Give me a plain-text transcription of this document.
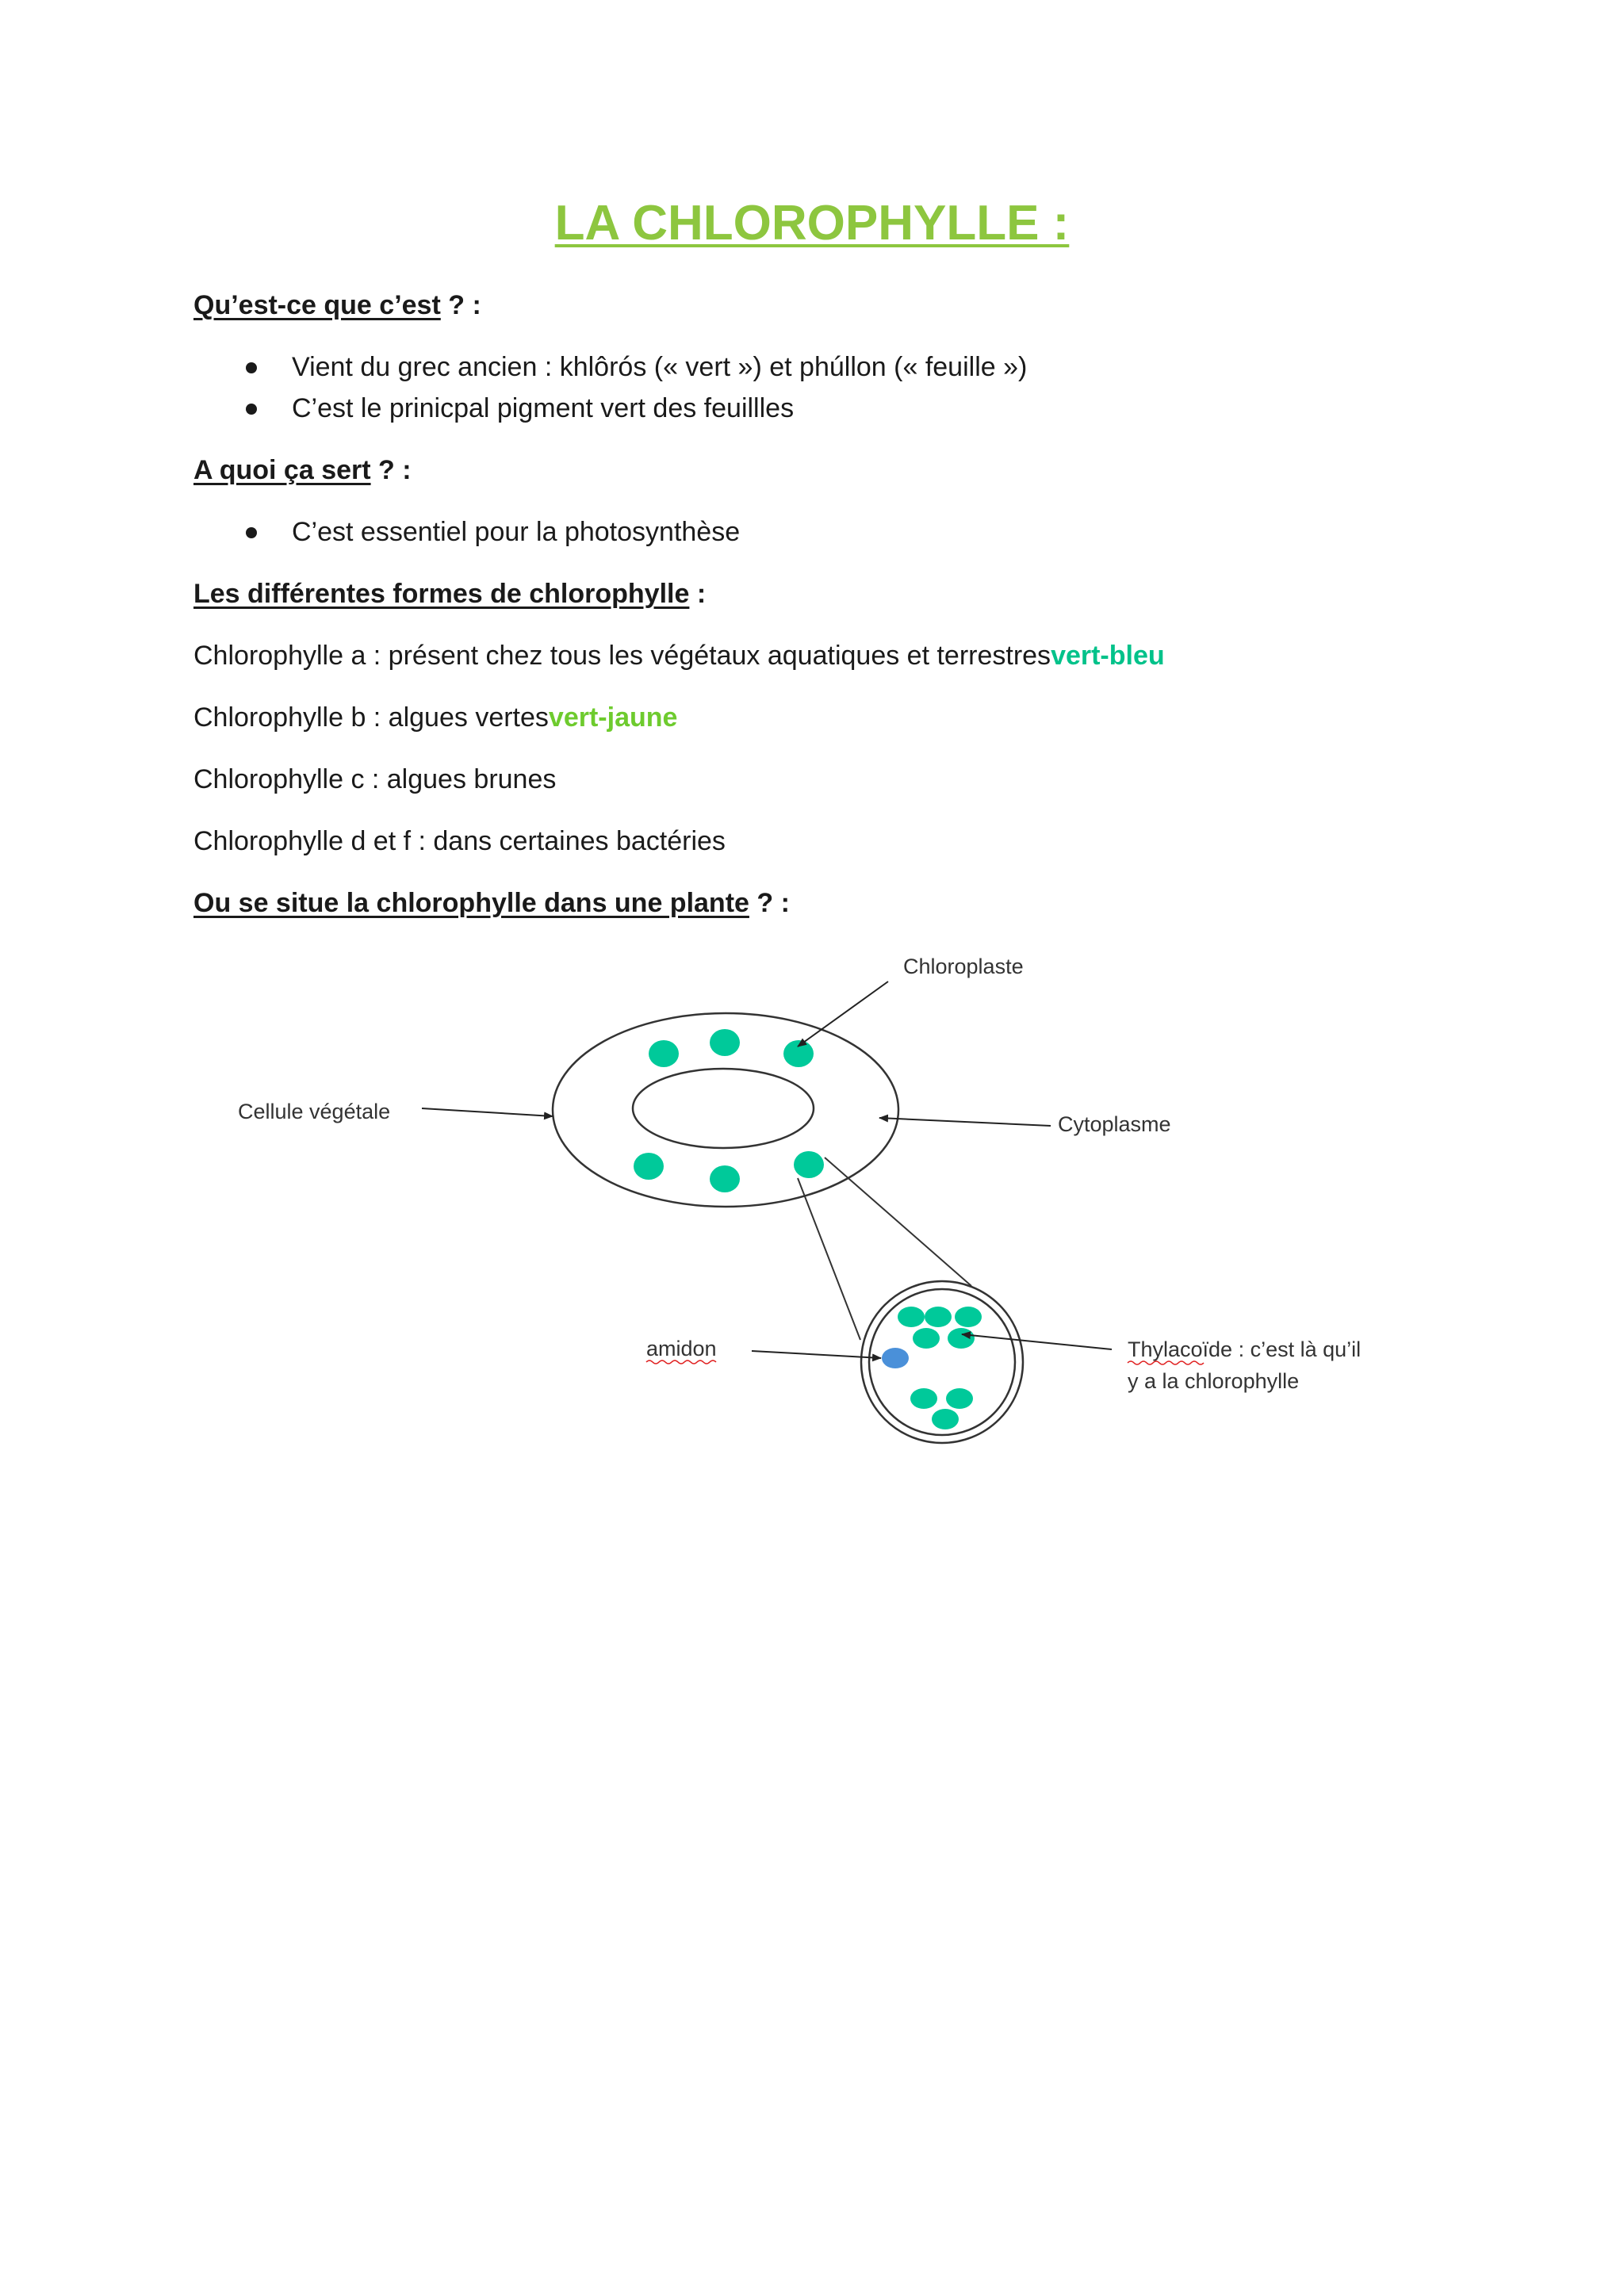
LA CHLOROPHYLLE :
Qu’est-ce que c’est ? :
Vient du grec ancien : khlôrós (« vert ») et phúllon (« feuille »)
C’est le prinicpal pigment vert des feuillles
A quoi ça sert ? :
C’est essentiel pour la photosynthèse
Les différentes formes de chlorophylle :
Chlorophylle a : présent chez tous les végétaux aquatiques et terrestresvert-bleu
Chlorophylle b : algues vertesvert-jaune
Chlorophylle c : algues brunes
Chlorophylle d et f : dans certaines bactéries
Ou se situe la chlorophylle dans une plante ? :
Chloroplaste
Cellule végétale
Cytoplasme
amidon	Thylacoïde : c’est là qu’il
y a la chlorophylle
